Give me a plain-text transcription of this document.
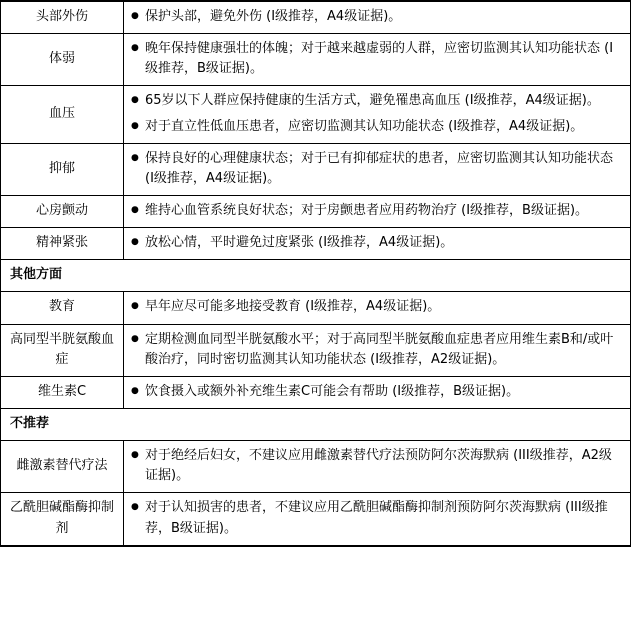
头部外伤	● 保护头部，避免外伤 (I级推荐，A4级证据)。

体弱	● 晚年保持健康强壮的体魄；对于越来越虚弱的人群，应密切监测其认知功能状态 (I级推荐，B级证据)。

血压	● 65岁以下人群应保持健康的生活方式，避免罹患高血压 (I级推荐，A4级证据)。
● 对于直立性低血压患者，应密切监测其认知功能状态 (I级推荐，A4级证据)。

抑郁	● 保持良好的心理健康状态；对于已有抑郁症状的患者，应密切监测其认知功能状态 (I级推荐，A4级证据)。

心房颤动	● 维持心血管系统良好状态；对于房颤患者应用药物治疗 (I级推荐，B级证据)。

精神紧张	● 放松心情，平时避免过度紧张 (I级推荐，A4级证据)。

其他方面	
教育	● 早年应尽可能多地接受教育 (I级推荐，A4级证据)。

高同型半胱氨酸血症	● 定期检测血同型半胱氨酸水平；对于高同型半胱氨酸血症患者应用维生素B和/或叶酸治疗，同时密切监测其认知功能状态 (I级推荐，A2级证据)。

维生素C	● 饮食摄入或额外补充维生素C可能会有帮助 (I级推荐，B级证据)。

不推荐	
雌激素替代疗法	● 对于绝经后妇女，不建议应用雌激素替代疗法预防阿尔茨海默病 (III级推荐，A2级证据)。

乙酰胆碱酯酶抑制剂	● 对于认知损害的患者，不建议应用乙酰胆碱酯酶抑制剂预防阿尔茨海默病 (III级推荐，B级证据)。
